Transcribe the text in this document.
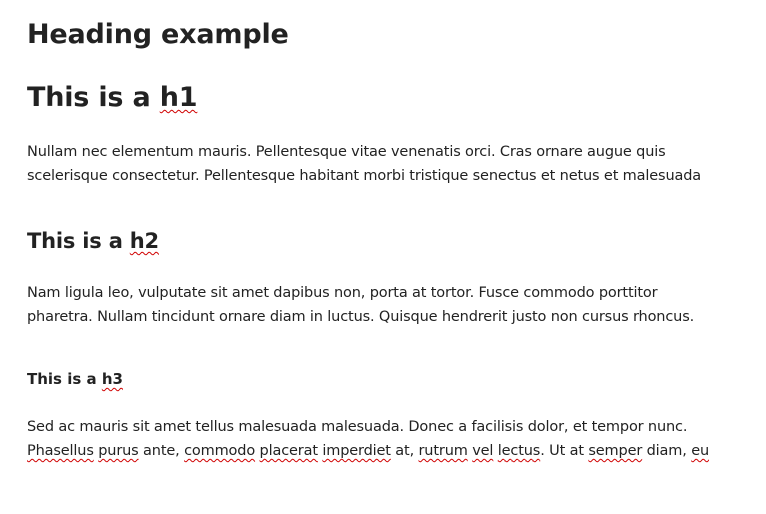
Heading example
This is a h1
Nullam nec elementum mauris. Pellentesque vitae venenatis orci. Cras ornare augue quis
scelerisque consectetur. Pellentesque habitant morbi tristique senectus et netus et malesuada
This is a h2
Nam ligula leo, vulputate sit amet dapibus non, porta at tortor. Fusce commodo porttitor
pharetra. Nullam tincidunt ornare diam in luctus. Quisque hendrerit justo non cursus rhoncus.
This is a h3
Sed ac mauris sit amet tellus malesuada malesuada. Donec a facilisis dolor, et tempor nunc.
Phasellus purus ante, commodo placerat imperdiet at, rutrum vel lectus. Ut at semper diam, eu
